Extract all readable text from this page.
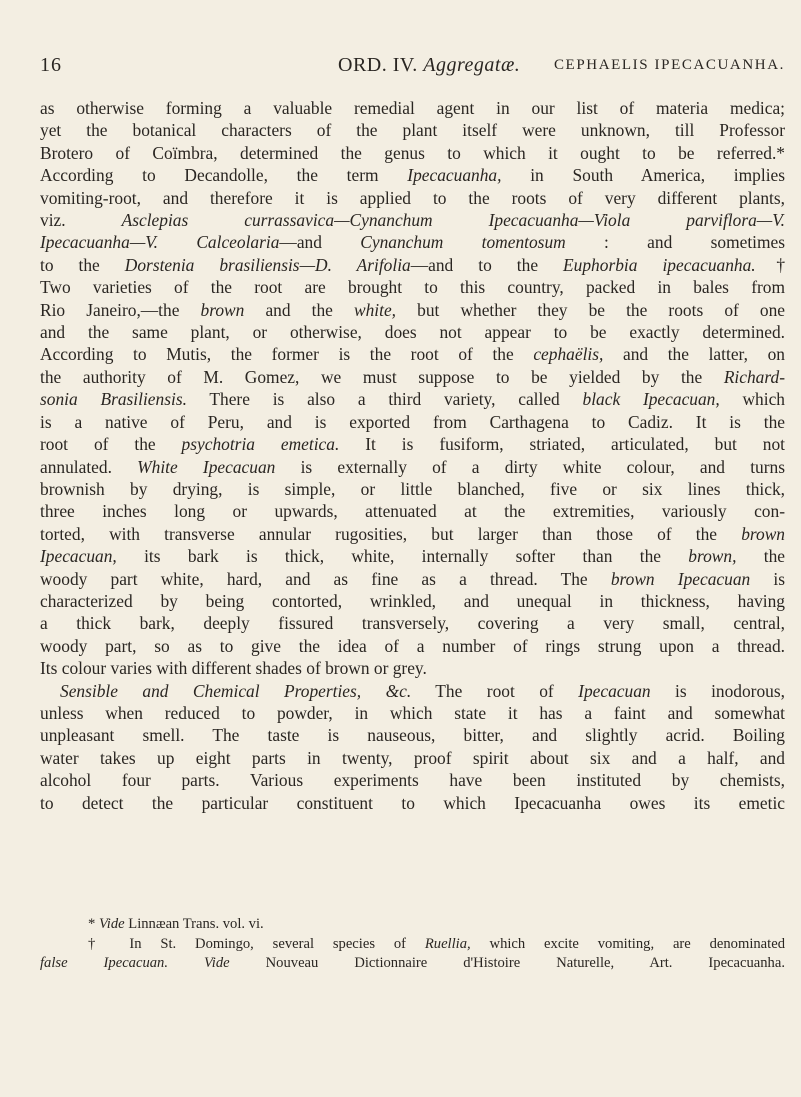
16	ORD. IV. Aggregatæ. CEPHAELIS IPECACUANHA.
as otherwise forming a valuable remedial agent in our list of materia medica;
yet the botanical characters of the plant itself were unknown, till Professor
Brotero of Coïmbra, determined the genus to which it ought to be referred.*
According to Decandolle, the term Ipecacuanha, in South America, implies
vomiting-root, and therefore it is applied to the roots of very different plants,
viz. Asclepias currassavica—Cynanchum Ipecacuanha—Viola parviflora—V.
Ipecacuanha—V. Calceolaria—and Cynanchum tomentosum : and sometimes
to the Dorstenia brasiliensis—D. Arifolia—and to the Euphorbia ipecacuanha.†
Two varieties of the root are brought to this country, packed in bales from
Rio Janeiro,—the brown and the white, but whether they be the roots of one
and the same plant, or otherwise, does not appear to be exactly determined.
According to Mutis, the former is the root of the cephaëlis, and the latter, on
the authority of M. Gomez, we must suppose to be yielded by the Richard-
sonia Brasiliensis. There is also a third variety, called black Ipecacuan, which
is a native of Peru, and is exported from Carthagena to Cadiz. It is the
root of the psychotria emetica. It is fusiform, striated, articulated, but not
annulated. White Ipecacuan is externally of a dirty white colour, and turns
brownish by drying, is simple, or little blanched, five or six lines thick,
three inches long or upwards, attenuated at the extremities, variously con-
torted, with transverse annular rugosities, but larger than those of the brown
Ipecacuan, its bark is thick, white, internally softer than the brown, the
woody part white, hard, and as fine as a thread. The brown Ipecacuan is
characterized by being contorted, wrinkled, and unequal in thickness, having
a thick bark, deeply fissured transversely, covering a very small, central,
woody part, so as to give the idea of a number of rings strung upon a thread.
Its colour varies with different shades of brown or grey.
Sensible and Chemical Properties, &c. The root of Ipecacuan is inodorous,
unless when reduced to powder, in which state it has a faint and somewhat
unpleasant smell. The taste is nauseous, bitter, and slightly acrid. Boiling
water takes up eight parts in twenty, proof spirit about six and a half, and
alcohol four parts. Various experiments have been instituted by chemists,
to detect the particular constituent to which Ipecacuanha owes its emetic
* Vide Linnæan Trans. vol. vi.
† In St. Domingo, several species of Ruellia, which excite vomiting, are denominated
false Ipecacuan. Vide Nouveau Dictionnaire d'Histoire Naturelle, Art. Ipecacuanha.
